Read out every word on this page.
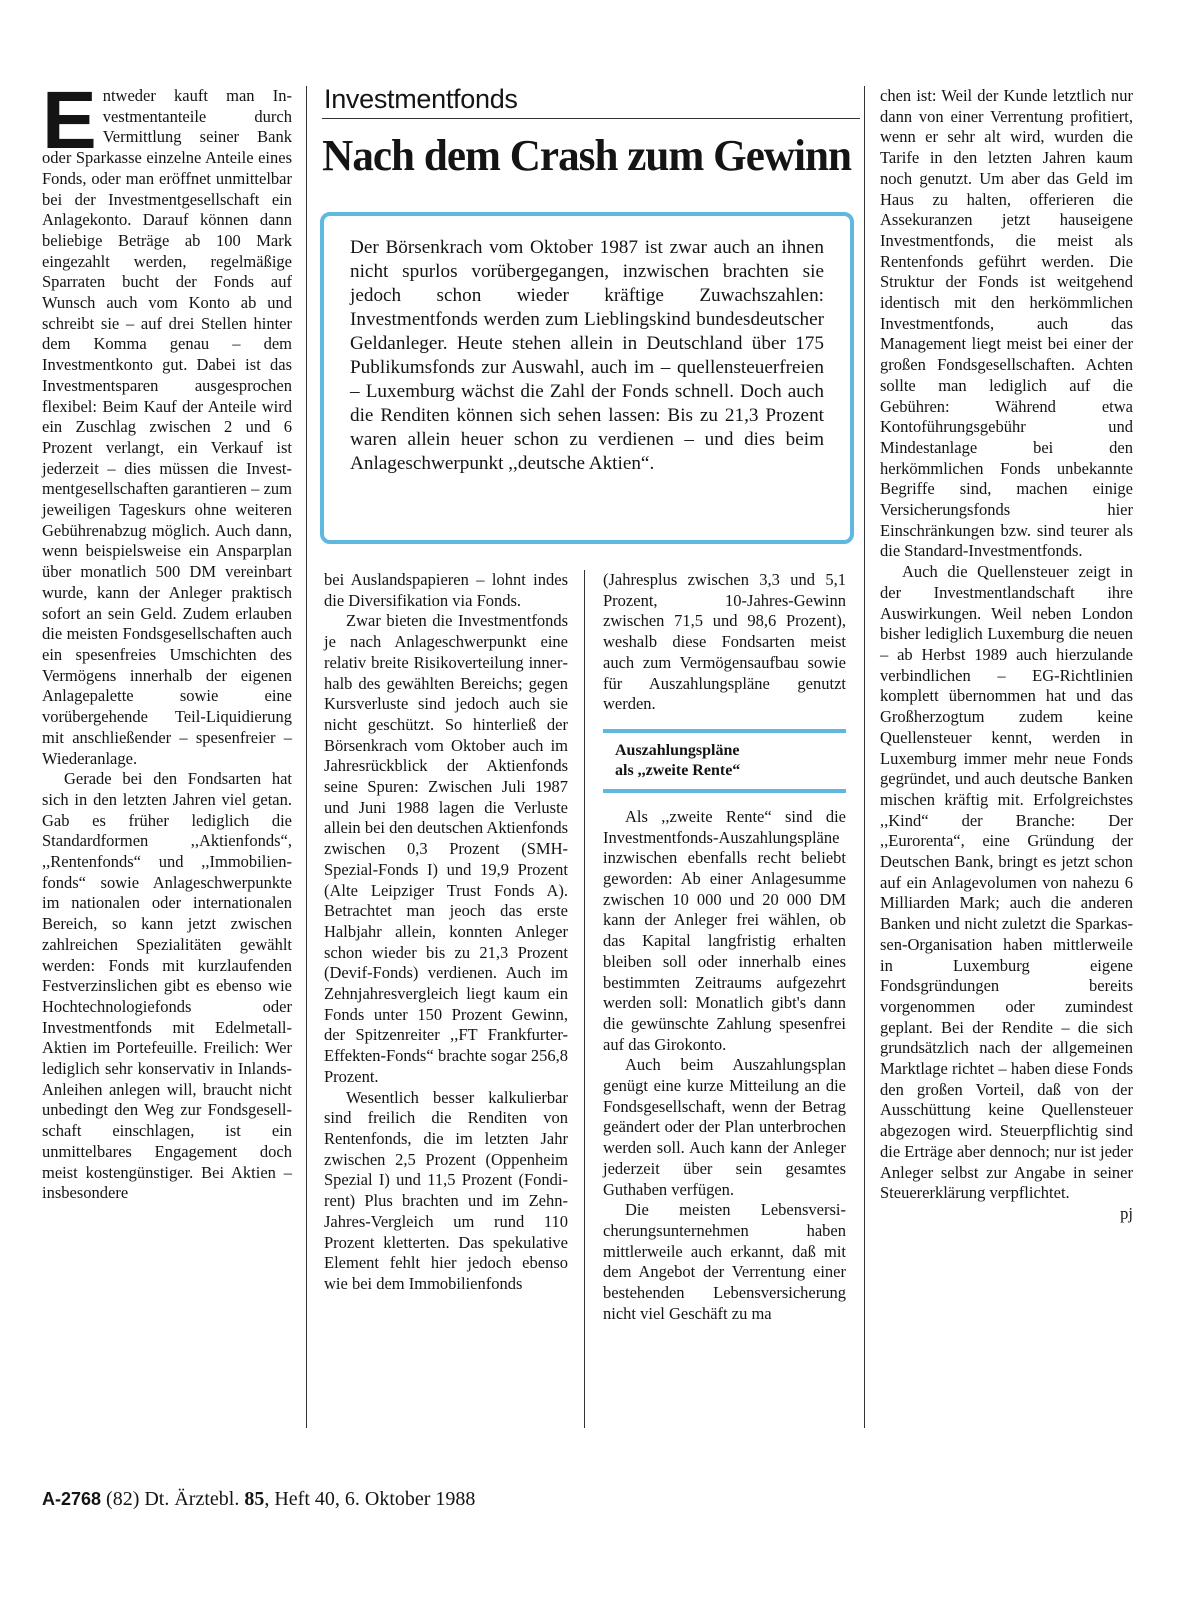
Entweder kauft man Investmentanteile durch Vermittlung seiner Bank oder Sparkasse einzelne Anteile eines Fonds, oder man eröffnet unmittelbar bei der Investmentgesellschaft ein Anlagekonto. Darauf können dann beliebige Beträge ab 100 Mark eingezahlt werden, regelmäßige Sparraten bucht der Fonds auf Wunsch auch vom Konto ab und schreibt sie – auf drei Stellen hinter dem Komma genau – dem Investmentkonto gut. Dabei ist das Investmentsparen ausgesprochen flexibel: Beim Kauf der Anteile wird ein Zuschlag zwischen 2 und 6 Prozent verlangt, ein Verkauf ist jederzeit – dies müssen die Investmentgesellschaften garantieren – zum jeweiligen Tageskurs ohne weiteren Gebührenabzug möglich. Auch dann, wenn beispielsweise ein Ansparplan über monatlich 500 DM vereinbart wurde, kann der Anleger praktisch sofort an sein Geld. Zudem erlauben die meisten Fondsgesellschaften auch ein spesenfreies Umschichten des Vermögens innerhalb der eigenen Anlagepalette sowie eine vorübergehende Teil-Liquidierung mit anschließender – spesenfreier – Wiederanlage.

Gerade bei den Fondsarten hat sich in den letzten Jahren viel getan. Gab es früher lediglich die Standardformen ,,Aktienfonds“, ,,Rentenfonds“ und ,,Immobilienfonds“ sowie Anlageschwerpunkte im nationalen oder internationalen Bereich, so kann jetzt zwischen zahlreichen Spezialitäten gewählt werden: Fonds mit kurzlaufenden Festverzinslichen gibt es ebenso wie Hochtechnologiefonds oder Investmentfonds mit Edelmetall-Aktien im Portefeuille. Freilich: Wer lediglich sehr konservativ in Inlands-Anleihen anlegen will, braucht nicht unbedingt den Weg zur Fondsgesellschaft einschlagen, ist ein unmittelbares Engagement doch meist kostengünstiger. Bei Aktien – insbesondere

Investmentfonds
Nach dem Crash zum Gewinn
Der Börsenkrach vom Oktober 1987 ist zwar auch an ihnen nicht spurlos vorübergegangen, inzwischen brachten sie jedoch schon wieder kräftige Zuwachszahlen: Investmentfonds werden zum Lieblingskind bundesdeutscher Geldanleger. Heute stehen allein in Deutschland über 175 Publikumsfonds zur Auswahl, auch im – quellensteuerfreien – Luxemburg wächst die Zahl der Fonds schnell. Doch auch die Renditen können sich sehen lassen: Bis zu 21,3 Prozent waren allein heuer schon zu verdienen – und dies beim Anlageschwerpunkt ,,deutsche Aktien“.

bei Auslandspapieren – lohnt indes die Diversifikation via Fonds.

Zwar bieten die Investmentfonds je nach Anlageschwerpunkt eine relativ breite Risikoverteilung innerhalb des gewählten Bereichs; gegen Kursverluste sind jedoch auch sie nicht geschützt. So hinterließ der Börsenkrach vom Oktober auch im Jahresrückblick der Aktienfonds seine Spuren: Zwischen Juli 1987 und Juni 1988 lagen die Verluste allein bei den deutschen Aktienfonds zwischen 0,3 Prozent (SMH-Spezial-Fonds I) und 19,9 Prozent (Alte Leipziger Trust Fonds A). Betrachtet man jeoch das erste Halbjahr allein, konnten Anleger schon wieder bis zu 21,3 Prozent (Devif-Fonds) verdienen. Auch im Zehnjahresvergleich liegt kaum ein Fonds unter 150 Prozent Gewinn, der Spitzenreiter ,,FT Frankfurter-Effekten-Fonds“ brachte sogar 256,8 Prozent.

Wesentlich besser kalkulierbar sind freilich die Renditen von Rentenfonds, die im letzten Jahr zwischen 2,5 Prozent (Oppenheim Spezial I) und 11,5 Prozent (Fondirent) Plus brachten und im Zehn-Jahres-Vergleich um rund 110 Prozent kletterten. Das spekulative Element fehlt hier jedoch ebenso wie bei dem Immobilienfonds

(Jahresplus zwischen 3,3 und 5,1 Prozent, 10-Jahres-Gewinn zwischen 71,5 und 98,6 Prozent), weshalb diese Fondsarten meist auch zum Vermögensaufbau sowie für Auszahlungspläne genutzt werden.

Auszahlungspläne
als ,,zweite Rente“

Als ,,zweite Rente“ sind die Investmentfonds-Auszahlungspläne inzwischen ebenfalls recht beliebt geworden: Ab einer Anlagesumme zwischen 10 000 und 20 000 DM kann der Anleger frei wählen, ob das Kapital langfristig erhalten bleiben soll oder innerhalb eines bestimmten Zeitraums aufgezehrt werden soll: Monatlich gibt's dann die gewünschte Zahlung spesenfrei auf das Girokonto.

Auch beim Auszahlungsplan genügt eine kurze Mitteilung an die Fondsgesellschaft, wenn der Betrag geändert oder der Plan unterbrochen werden soll. Auch kann der Anleger jederzeit über sein gesamtes Guthaben verfügen.

Die meisten Lebensversicherungsunternehmen haben mittlerweile auch erkannt, daß mit dem Angebot der Verrentung einer bestehenden Lebensversicherung nicht viel Geschäft zu ma

chen ist: Weil der Kunde letztlich nur dann von einer Verrentung profitiert, wenn er sehr alt wird, wurden die Tarife in den letzten Jahren kaum noch genutzt. Um aber das Geld im Haus zu halten, offerieren die Assekuranzen jetzt hauseigene Investmentfonds, die meist als Rentenfonds geführt werden. Die Struktur der Fonds ist weitgehend identisch mit den herkömmlichen Investmentfonds, auch das Management liegt meist bei einer der großen Fondsgesellschaften. Achten sollte man lediglich auf die Gebühren: Während etwa Kontoführungsgebühr und Mindestanlage bei den herkömmlichen Fonds unbekannte Begriffe sind, machen einige Versicherungsfonds hier Einschränkungen bzw. sind teurer als die Standard-Investmentfonds.

Auch die Quellensteuer zeigt in der Investmentlandschaft ihre Auswirkungen. Weil neben London bisher lediglich Luxemburg die neuen – ab Herbst 1989 auch hierzulande verbindlichen – EG-Richtlinien komplett übernommen hat und das Großherzogtum zudem keine Quellensteuer kennt, werden in Luxemburg immer mehr neue Fonds gegründet, und auch deutsche Banken mischen kräftig mit. Erfolgreichstes ,,Kind“ der Branche: Der ,,Eurorenta“, eine Gründung der Deutschen Bank, bringt es jetzt schon auf ein Anlagevolumen von nahezu 6 Milliarden Mark; auch die anderen Banken und nicht zuletzt die Sparkassen-Organisation haben mittlerweile in Luxemburg eigene Fondsgründungen bereits vorgenommen oder zumindest geplant. Bei der Rendite – die sich grundsätzlich nach der allgemeinen Marktlage richtet – haben diese Fonds den großen Vorteil, daß von der Ausschüttung keine Quellensteuer abgezogen wird. Steuerpflichtig sind die Erträge aber dennoch; nur ist jeder Anleger selbst zur Angabe in seiner Steuererklärung verpflichtet.

pj
A-2768 (82) Dt. Ärztebl. 85, Heft 40, 6. Oktober 1988
